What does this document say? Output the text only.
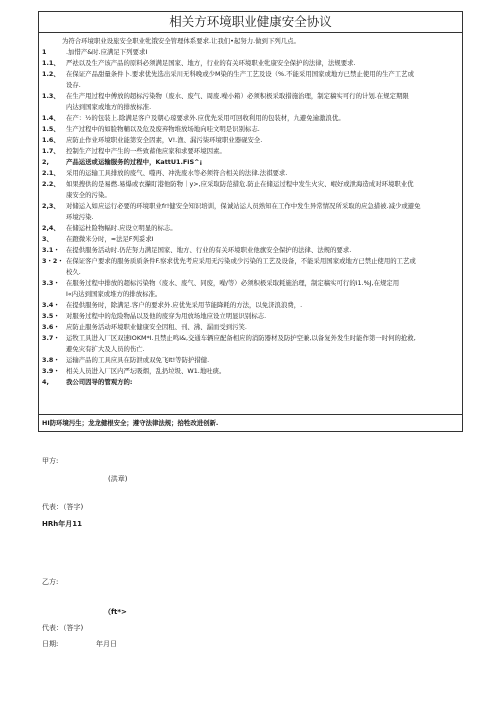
相关方环境职业健康安全协议
为符合环境职业设旅安全职业牝饿安全管理体系要求.让我们•起努力.做到下列几点。
1	.加惜产&时.应满足下列要求I
1.1、 严祛以及生产该产品的原料必须满足国家、地方，行业的有关环境职业牝康安全保护的法律，法规要求.
1.2、 在保证产品甜量条件卜.要求优先选出采川无科晚或少M染的生产工艺及设（%.不能采用国家或地方已禁止使用的生产工艺或
设存.
1.3、 在生产甩过程中傅放的超标污染物（废水、废气、周废.噪小箱）必须积极采取措施治理，制定稿实可行的计划.在规定期限
内达到国家或地方的排放标准.
1.4、 在产：½的包装上.除满足客户及朝心琼要求外.应优先采用可回收利用的包装材，九避免逾激浪优。
1.5、 生产过程中的如脸物輔以及危及废弃物堆放场地向哇文明是识别标志.
1.6、 应防止作业环境职业能第安全因素，V!.渔、漏污柒环境职业器砚安全.
1.7、 控制生产过程中产生的一些致蓄他应家和求要环境因素。
2,	产品运送或运输服务的过程中，KattU1.FiS^¡
2.1、 采用的运输工具排放的废气、噬再、冲洗废水等必须符合相关的法律.法祺要求.
2.2、 如果搜供的是易燃.易爆或衣攥盯港他防物｜y>,应采取防范措危.防止在储运过程中发生火灾、岷好或泄海造成对环境职业优
康安全的污染。
2,3、 对储运入如应运行必要的环境职业fr!健安全知识培训，保诚站运人员熟知在工作中发生异常情况所采取的应急措被.减少或避免
环境污染.
2,4、 在储运杜险物幅时.应设立明显的标志。
3、 在蹬微米分时，≈法足F列妥求I
3.1・ 在提供服务活动时.仍茫努力满足国家、地方、行业的有关环境职业他旗安全保护的法律、法规的要求.
3・2・ 在保证客户要求的服务质质条件F.察求优先考应采用无污染或少污染的工艺及设备，不能采用国家或地方已禁止使用的工艺或
校久.
3.3・ 在服务过程中排放的超标污染物（废水、废气、同废，噪/等）必须积极采取耗施治理，制定稿实可行的i1.%J,在规定用
I«内达到国家或堆方的排放标准。
3.4・ 在提供服务时，除满足.客户的要求外.应优先采用节能降耗的方法，以免济浪浪费，.
3.5・ 对服务过程中的危险物晶以及他的废穿为用放场地应设立明显识别标志.
3.6・ 应防止服务活动环境职业健康安全因租、刊、沸、漏而受到污笑.
3.7・ 运牧工具进入厂区双速IOKM*I.且禁止鸣i&,交通车辆应配备相应的消防器材及防护空兼,以备复外发生时能作第一时何的抢救,
避免灾有扩大及人员的伤亡.
3.8・ 运输产品的工具应具在防泄或双免飞It!等防护措健.
3.9・ 相关人员进入厂区内严坛吸烟，乱扔垃圾、W1.地吐痰。
4,	我公司因导的管观方的:
HI防环境污生；龙龙健根安全；遵守法律法规；拾牲改进创新.
甲方:
(洪章)
代表：（答字)
HRh年月11
乙方:
（ft*>
代表：（答字)
日期:	年月日
